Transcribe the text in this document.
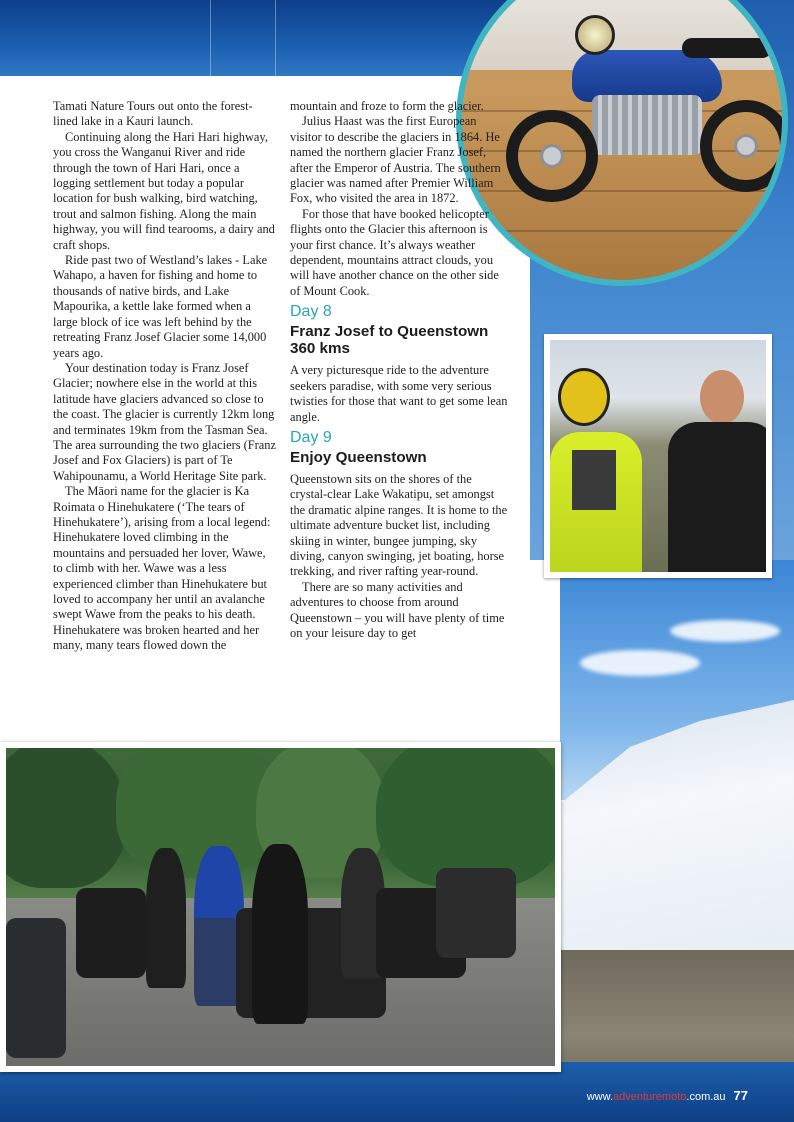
Tamati Nature Tours out onto the forest-lined lake in a Kauri launch.

Continuing along the Hari Hari highway, you cross the Wanganui River and ride through the town of Hari Hari, once a logging settlement but today a popular location for bush walking, bird watching, trout and salmon fishing. Along the main highway, you will find tearooms, a dairy and craft shops.

Ride past two of Westland’s lakes - Lake Wahapo, a haven for fishing and home to thousands of native birds, and Lake Mapourika, a kettle lake formed when a large block of ice was left behind by the retreating Franz Josef Glacier some 14,000 years ago.

Your destination today is Franz Josef Glacier; nowhere else in the world at this latitude have glaciers advanced so close to the coast. The glacier is currently 12km long and terminates 19km from the Tasman Sea. The area surrounding the two glaciers (Franz Josef and Fox Glaciers) is part of Te Wahipounamu, a World Heritage Site park.

The Māori name for the glacier is Ka Roimata o Hinehukatere (‘The tears of Hinehukatere’), arising from a local legend: Hinehukatere loved climbing in the mountains and persuaded her lover, Wawe, to climb with her. Wawe was a less experienced climber than Hinehukatere but loved to accompany her until an avalanche swept Wawe from the peaks to his death. Hinehukatere was broken hearted and her many, many tears flowed down the

mountain and froze to form the glacier.

Julius Haast was the first European visitor to describe the glaciers in 1864. He named the northern glacier Franz Josef, after the Emperor of Austria. The southern glacier was named after Premier William Fox, who visited the area in 1872.

For those that have booked helicopter flights onto the Glacier this afternoon is your first chance. It’s always weather dependent, mountains attract clouds, you will have another chance on the other side of Mount Cook.

Day 8
Franz Josef to Queenstown 360 kms

A very picturesque ride to the adventure seekers paradise, with some very serious twisties for those that want to get some lean angle.

Day 9
Enjoy Queenstown

Queenstown sits on the shores of the crystal-clear Lake Wakatipu, set amongst the dramatic alpine ranges. It is home to the ultimate adventure bucket list, including skiing in winter, bungee jumping, sky diving, canyon swinging, jet boating, horse trekking, and river rafting year-round.

There are so many activities and adventures to choose from around Queenstown – you will have plenty of time on your leisure day to get

www.adventuremoto.com.au 77
